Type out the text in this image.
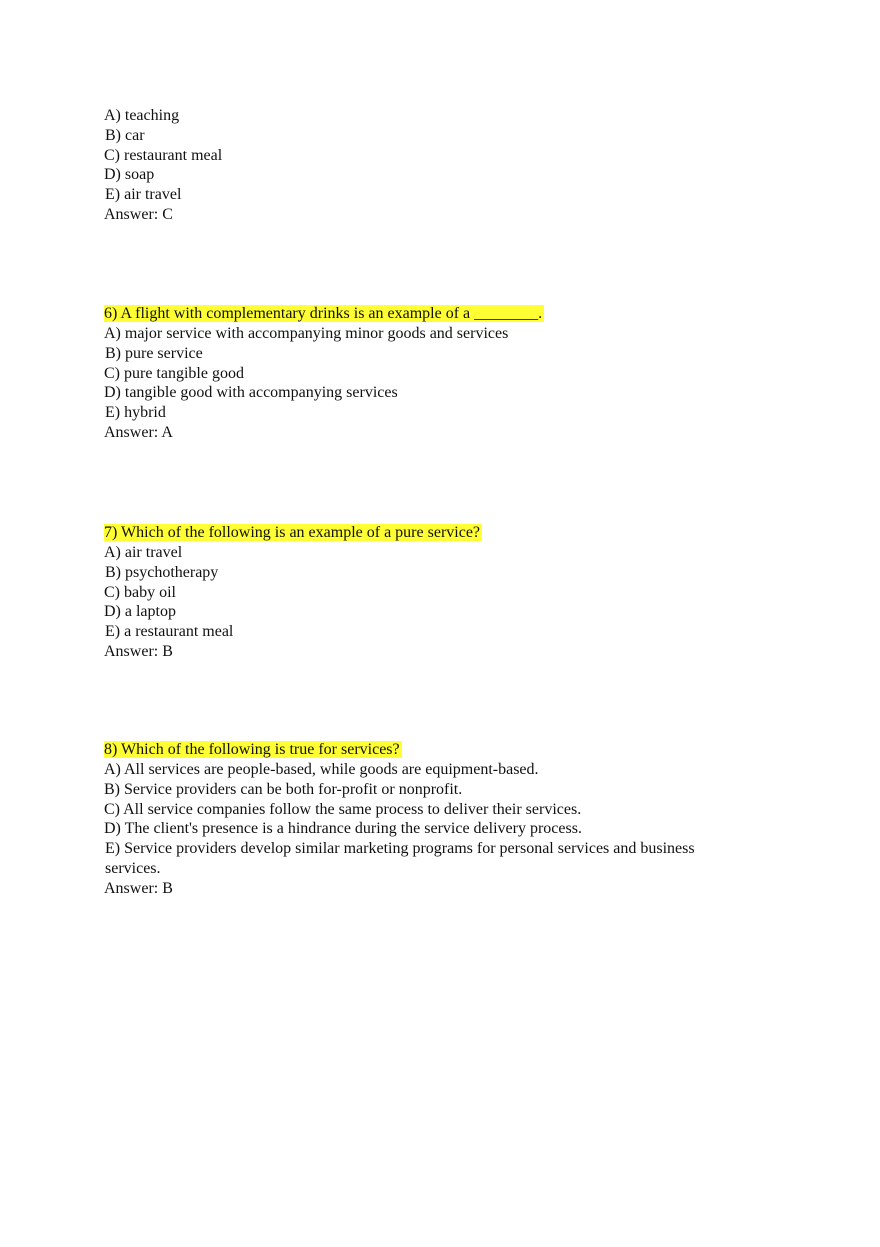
A) teaching
B) car
C) restaurant meal
D) soap
E) air travel
Answer: C
6) A flight with complementary drinks is an example of a ________.
A) major service with accompanying minor goods and services
B) pure service
C) pure tangible good
D) tangible good with accompanying services
E) hybrid
Answer: A
7) Which of the following is an example of a pure service?
A) air travel
B) psychotherapy
C) baby oil
D) a laptop
E) a restaurant meal
Answer: B
8) Which of the following is true for services?
A) All services are people-based, while goods are equipment-based.
B) Service providers can be both for-profit or nonprofit.
C) All service companies follow the same process to deliver their services.
D) The client's presence is a hindrance during the service delivery process.
E) Service providers develop similar marketing programs for personal services and business services.
Answer: B
